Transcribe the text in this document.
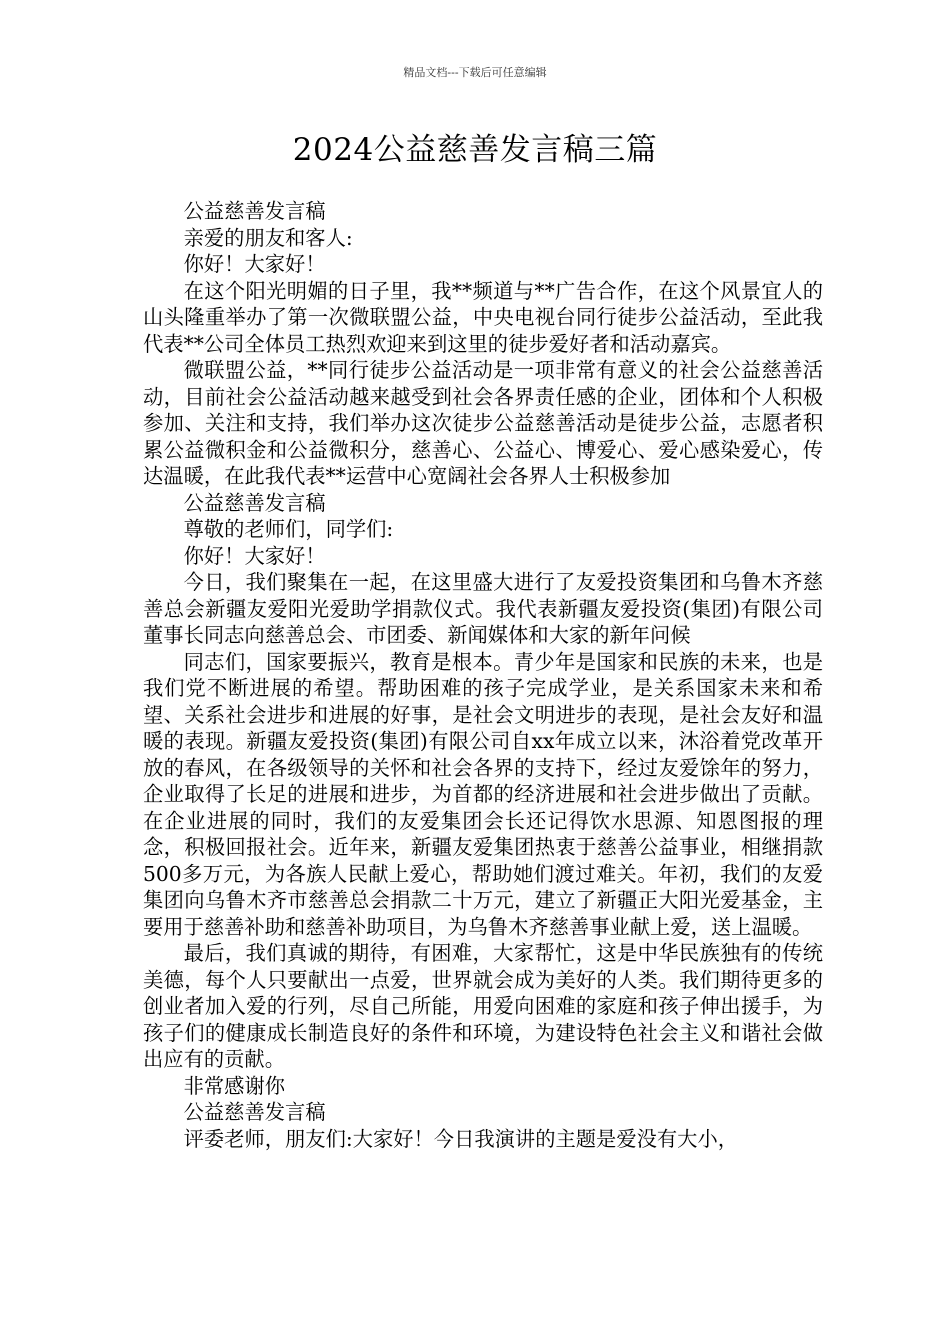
精品文档---下载后可任意编辑
2024公益慈善发言稿三篇

公益慈善发言稿

亲爱的朋友和客人:

你好！大家好！

在这个阳光明媚的日子里，我**频道与**广告合作，在这个风景宜人的山头隆重举办了第一次微联盟公益，中央电视台同行徒步公益活动，至此我代表**公司全体员工热烈欢迎来到这里的徒步爱好者和活动嘉宾。

微联盟公益，**同行徒步公益活动是一项非常有意义的社会公益慈善活动，目前社会公益活动越来越受到社会各界责任感的企业，团体和个人积极参加、关注和支持，我们举办这次徒步公益慈善活动是徒步公益，志愿者积累公益微积金和公益微积分，慈善心、公益心、博爱心、爱心感染爱心，传达温暖，在此我代表**运营中心宽阔社会各界人士积极参加

公益慈善发言稿

尊敬的老师们，同学们:

你好！大家好！

今日，我们聚集在一起，在这里盛大进行了友爱投资集团和乌鲁木齐慈善总会新疆友爱阳光爱助学捐款仪式。我代表新疆友爱投资(集团)有限公司董事长同志向慈善总会、市团委、新闻媒体和大家的新年问候

同志们，国家要振兴，教育是根本。青少年是国家和民族的未来，也是我们党不断进展的希望。帮助困难的孩子完成学业，是关系国家未来和希望、关系社会进步和进展的好事，是社会文明进步的表现，是社会友好和温暖的表现。新疆友爱投资(集团)有限公司自xx年成立以来，沐浴着党改革开放的春风，在各级领导的关怀和社会各界的支持下，经过友爱馀年的努力，企业取得了长足的进展和进步，为首都的经济进展和社会进步做出了贡献。在企业进展的同时，我们的友爱集团会长还记得饮水思源、知恩图报的理念，积极回报社会。近年来，新疆友爱集团热衷于慈善公益事业，相继捐款500多万元，为各族人民献上爱心，帮助她们渡过难关。年初，我们的友爱集团向乌鲁木齐市慈善总会捐款二十万元，建立了新疆正大阳光爱基金，主要用于慈善补助和慈善补助项目，为乌鲁木齐慈善事业献上爱，送上温暖。

最后，我们真诚的期待，有困难，大家帮忙，这是中华民族独有的传统美德，每个人只要献出一点爱，世界就会成为美好的人类。我们期待更多的创业者加入爱的行列，尽自己所能，用爱向困难的家庭和孩子伸出援手，为孩子们的健康成长制造良好的条件和环境，为建设特色社会主义和谐社会做出应有的贡献。

非常感谢你

公益慈善发言稿

评委老师，朋友们:大家好！今日我演讲的主题是爱没有大小，
